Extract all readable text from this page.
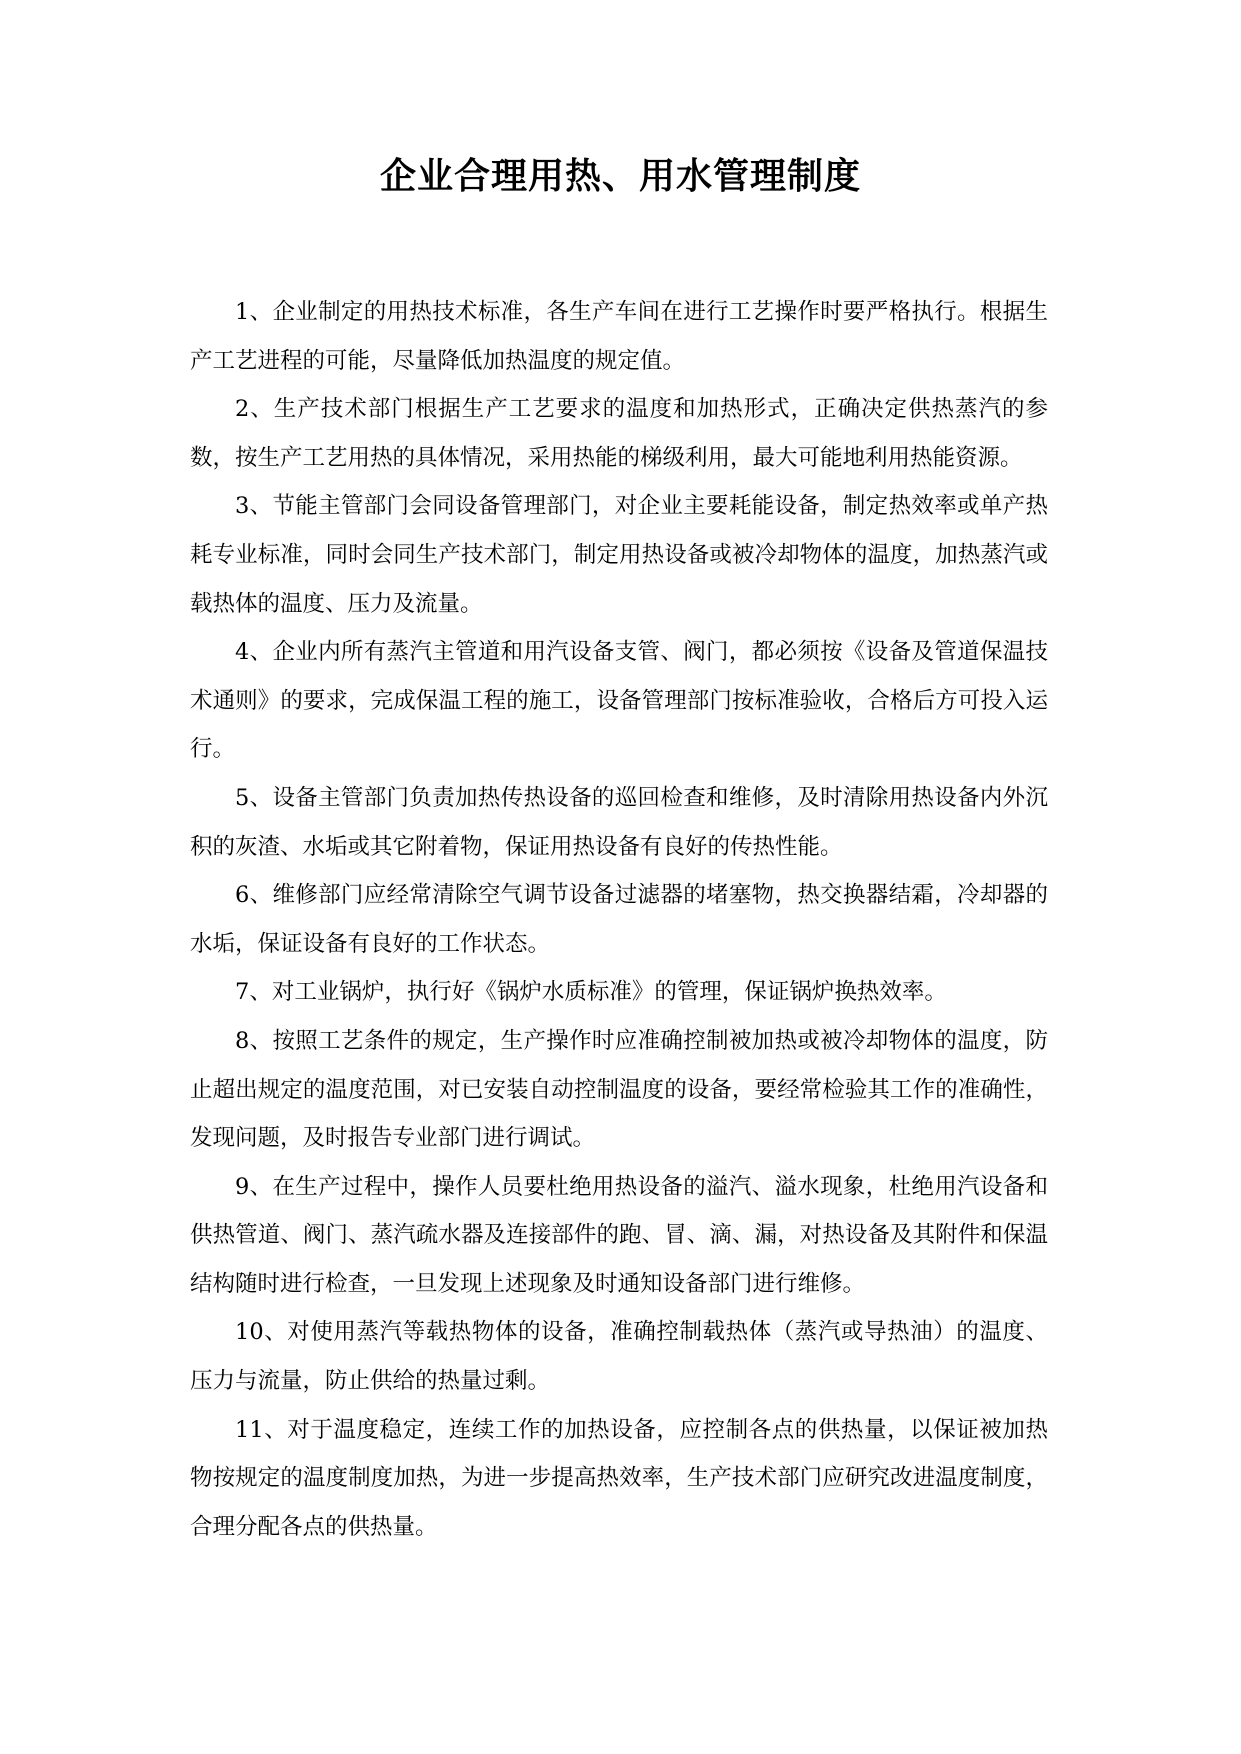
企业合理用热、用水管理制度

1、企业制定的用热技术标准，各生产车间在进行工艺操作时要严格执行。根据生产工艺进程的可能，尽量降低加热温度的规定值。

2、生产技术部门根据生产工艺要求的温度和加热形式，正确决定供热蒸汽的参数，按生产工艺用热的具体情况，采用热能的梯级利用，最大可能地利用热能资源。

3、节能主管部门会同设备管理部门，对企业主要耗能设备，制定热效率或单产热耗专业标准，同时会同生产技术部门，制定用热设备或被冷却物体的温度，加热蒸汽或载热体的温度、压力及流量。

4、企业内所有蒸汽主管道和用汽设备支管、阀门，都必须按《设备及管道保温技术通则》的要求，完成保温工程的施工，设备管理部门按标准验收，合格后方可投入运行。

5、设备主管部门负责加热传热设备的巡回检查和维修，及时清除用热设备内外沉积的灰渣、水垢或其它附着物，保证用热设备有良好的传热性能。

6、维修部门应经常清除空气调节设备过滤器的堵塞物，热交换器结霜，冷却器的水垢，保证设备有良好的工作状态。

7、对工业锅炉，执行好《锅炉水质标准》的管理，保证锅炉换热效率。

8、按照工艺条件的规定，生产操作时应准确控制被加热或被冷却物体的温度，防止超出规定的温度范围，对已安装自动控制温度的设备，要经常检验其工作的准确性，发现问题，及时报告专业部门进行调试。

9、在生产过程中，操作人员要杜绝用热设备的溢汽、溢水现象，杜绝用汽设备和供热管道、阀门、蒸汽疏水器及连接部件的跑、冒、滴、漏，对热设备及其附件和保温结构随时进行检查，一旦发现上述现象及时通知设备部门进行维修。

10、对使用蒸汽等载热物体的设备，准确控制载热体（蒸汽或导热油）的温度、压力与流量，防止供给的热量过剩。

11、对于温度稳定，连续工作的加热设备，应控制各点的供热量，以保证被加热物按规定的温度制度加热，为进一步提高热效率，生产技术部门应研究改进温度制度，合理分配各点的供热量。
